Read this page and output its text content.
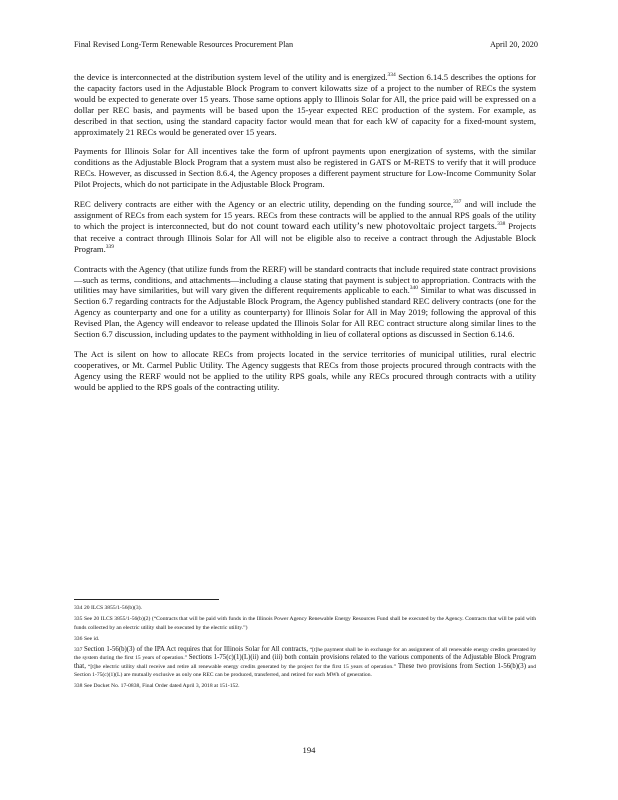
Final Revised Long-Term Renewable Resources Procurement Plan	April 20, 2020

the device is interconnected at the distribution system level of the utility and is energized.$^{334}$ Section 6.14.5 describes the options for the capacity factors used in the Adjustable Block Program to convert kilowatts size of a project to the number of RECs the system would be expected to generate over 15 years. Those same options apply to Illinois Solar for All, the price paid will be expressed on a dollar per REC basis, and payments will be based upon the 15-year expected REC production of the system. For example, as described in that section, using the standard capacity factor would mean that for each kW of capacity for a fixed-mount system, approximately 21 RECs would be generated over 15 years.

Payments for Illinois Solar for All incentives take the form of upfront payments upon energization of systems, with the similar conditions as the Adjustable Block Program that a system must also be registered in GATS or M-RETS to verify that it will produce RECs. However, as discussed in Section 8.6.4, the Agency proposes a different payment structure for Low-Income Community Solar Pilot Projects, which do not participate in the Adjustable Block Program.

REC delivery contracts are either with the Agency or an electric utility, depending on the funding source,$^{337}$ and will include the assignment of RECs from each system for 15 years. RECs from these contracts will be applied to the annual RPS goals of the utility to which the project is interconnected, but do not count toward each utility’s new photovoltaic project targets.$^{338}$ Projects that receive a contract through Illinois Solar for All will not be eligible also to receive a contract through the Adjustable Block Program.$^{339}$

Contracts with the Agency (that utilize funds from the RERF) will be standard contracts that include required state contract provisions—such as terms, conditions, and attachments—including a clause stating that payment is subject to appropriation. Contracts with the utilities may have similarities, but will vary given the different requirements applicable to each.$^{340}$ Similar to what was discussed in Section 6.7 regarding contracts for the Adjustable Block Program, the Agency published standard REC delivery contracts (one for the Agency as counterparty and one for a utility as counterparty) for Illinois Solar for All in May 2019; following the approval of this Revised Plan, the Agency will endeavor to release updated the Illinois Solar for All REC contract structure along similar lines to the Section 6.7 discussion, including updates to the payment withholding in lieu of collateral options as discussed in Section 6.14.6.

The Act is silent on how to allocate RECs from projects located in the service territories of municipal utilities, rural electric cooperatives, or Mt. Carmel Public Utility. The Agency suggests that RECs from those projects procured through contracts with the Agency using the RERF would not be applied to the utility RPS goals, while any RECs procured through contracts with a utility would be applied to the RPS goals of the contracting utility.

334 20 ILCS 3855/1-56(b)(3).
335 See 20 ILCS 3855/1-56(b)(2) (“Contracts that will be paid with funds in the Illinois Power Agency Renewable Energy Resources Fund shall be executed by the Agency. Contracts that will be paid with funds collected by an electric utility shall be executed by the electric utility.”)
336 See id.
337 Section 1-56(b)(3) of the IPA Act requires that for Illinois Solar for All contracts, “[t]he payment shall be in exchange for an assignment of all renewable energy credits generated by the system during the first 15 years of operation.” Sections 1-75(c)(1)(L)(ii) and (iii) both contain provisions related to the various components of the Adjustable Block Program that, “[t]he electric utility shall receive and retire all renewable energy credits generated by the project for the first 15 years of operation.” These two provisions from Section 1-56(b)(3) and Section 1-75(c)(1)(L) are mutually exclusive as only one REC can be produced, transferred, and retired for each MWh of generation.
338 See Docket No. 17-0838, Final Order dated April 3, 2018 at 151-152.
194
